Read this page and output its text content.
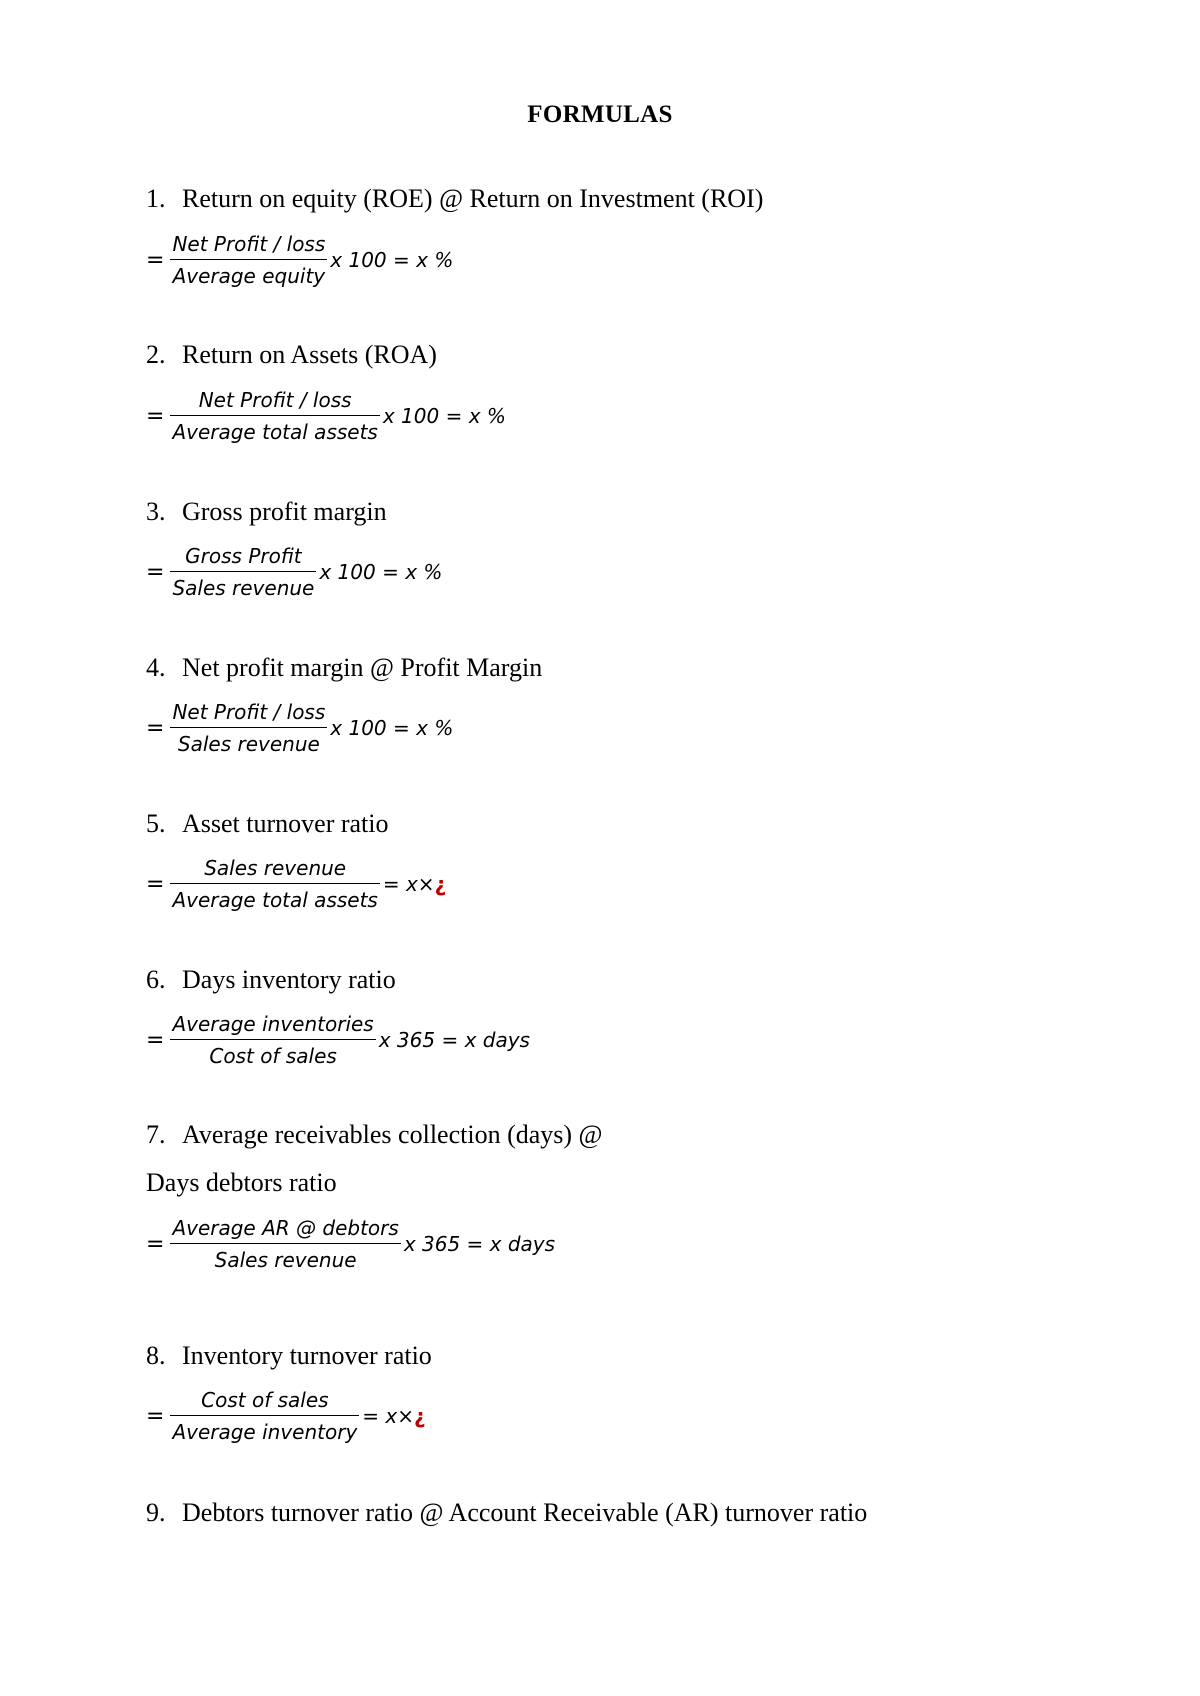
FORMULAS
1. Return on equity (ROE) @ Return on Investment (ROI)
= $\frac{\text{Net Profit / loss}}{\text{Average equity}}$ x 100 = x %
2. Return on Assets (ROA)
= $\frac{\text{Net Profit / loss}}{\text{Average total assets}}$ x 100 = x %
3. Gross profit margin
= $\frac{\text{Gross Profit}}{\text{Sales revenue}}$ x 100 = x %
4. Net profit margin @ Profit Margin
= $\frac{\text{Net Profit / loss}}{\text{Sales revenue}}$ x 100 = x %
5. Asset turnover ratio
= $\frac{\text{Sales revenue}}{\text{Average total assets}} = x\times$ ¿
6. Days inventory ratio
= $\frac{\text{Average inventories}}{\text{Cost of sales}}$ x 365 = x days
7. Average receivables collection (days) @
Days debtors ratio
= $\frac{\text{Average AR @ debtors}}{\text{Sales revenue}}$ x 365 = x days
8. Inventory turnover ratio
= $\frac{\text{Cost of sales}}{\text{Average inventory}} = x\times$ ¿
9. Debtors turnover ratio @ Account Receivable (AR) turnover ratio
